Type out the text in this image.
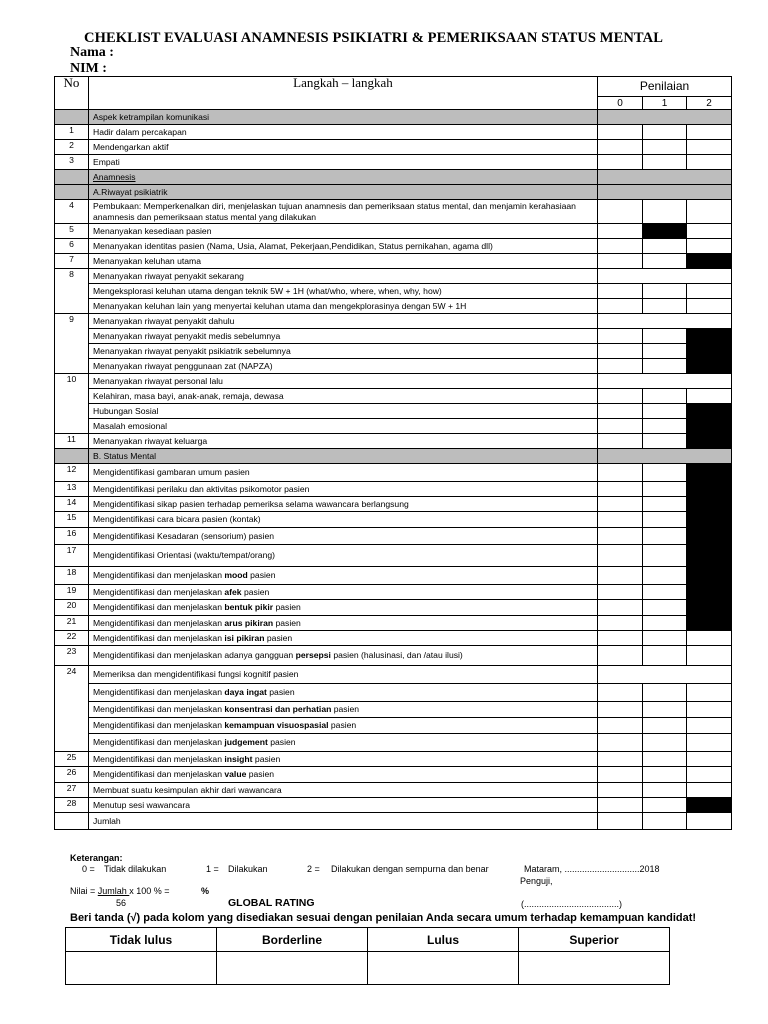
CHEKLIST EVALUASI ANAMNESIS PSIKIATRI & PEMERIKSAAN STATUS MENTAL
Nama :
NIM :
No	Langkah – langkah	Penilaian		
		0	1	2
	Aspek ketrampilan komunikasi			
1	Hadir dalam percakapan			
2	Mendengarkan aktif			
3	Empati			
	Anamnesis			
	A.Riwayat psikiatrik			
4	Pembukaan: Memperkenalkan diri, menjelaskan tujuan anamnesis dan pemeriksaan status mental, dan menjamin kerahasiaan anamnesis dan pemeriksaan status mental yang dilakukan			
5	Menanyakan kesediaan pasien			
6	Menanyakan identitas pasien (Nama, Usia, Alamat, Pekerjaan,Pendidikan, Status pernikahan, agama dll)			
7	Menanyakan keluhan utama			
8	Menanyakan riwayat penyakit sekarang			
	Mengeksplorasi keluhan utama dengan teknik 5W + 1H (what/who, where, when, why, how)			
	Menanyakan keluhan lain yang menyertai keluhan utama dan mengekplorasinya dengan 5W + 1H			
9	Menanyakan riwayat penyakit dahulu			
	Menanyakan riwayat penyakit medis sebelumnya			
	Menanyakan riwayat penyakit psikiatrik sebelumnya			
	Menanyakan riwayat penggunaan zat (NAPZA)			
10	Menanyakan riwayat personal lalu			
	Kelahiran, masa bayi, anak-anak, remaja, dewasa			
	Hubungan Sosial			
	Masalah emosional			
11	Menanyakan riwayat keluarga			
	B. Status Mental			
12	Mengidentifikasi gambaran umum pasien			
13	Mengidentifikasi perilaku dan aktivitas psikomotor pasien			
14	Mengidentifikasi sikap pasien terhadap pemeriksa selama wawancara berlangsung			
15	Mengidentifikasi cara bicara pasien (kontak)			
16	Mengidentifikasi Kesadaran (sensorium) pasien			
17	Mengidentifikasi Orientasi (waktu/tempat/orang)			
18	Mengidentifikasi dan menjelaskan mood pasien			
19	Mengidentifikasi dan menjelaskan afek pasien			
20	Mengidentifikasi dan menjelaskan bentuk pikir pasien			
21	Mengidentifikasi dan menjelaskan arus pikiran pasien			
22	Mengidentifikasi dan menjelaskan isi pikiran pasien			
23	Mengidentifikasi dan menjelaskan adanya gangguan persepsi pasien (halusinasi, dan /atau ilusi)			
24	Memeriksa dan mengidentifikasi fungsi kognitif pasien			
	Mengidentifikasi dan menjelaskan daya ingat pasien			
	Mengidentifikasi dan menjelaskan konsentrasi dan perhatian pasien			
	Mengidentifikasi dan menjelaskan kemampuan visuospasial pasien			
	Mengidentifikasi dan menjelaskan judgement pasien			
25	Mengidentifikasi dan menjelaskan insight pasien			
26	Mengidentifikasi dan menjelaskan value pasien			
27	Membuat suatu kesimpulan akhir dari wawancara			
28	Menutup sesi wawancara			
	Jumlah			
Keterangan:
0 = Tidak dilakukan	1 = Dilakukan	2 = Dilakukan dengan sempurna dan benar	Mataram, ..............................2018
Penguji,
Nilai = Jumlah x 100 % =	%
56	GLOBAL RATING	(......................................)
Beri tanda (√) pada kolom yang disediakan sesuai dengan penilaian Anda secara umum terhadap kemampuan kandidat!
Tidak lulus	Borderline	Lulus	Superior
